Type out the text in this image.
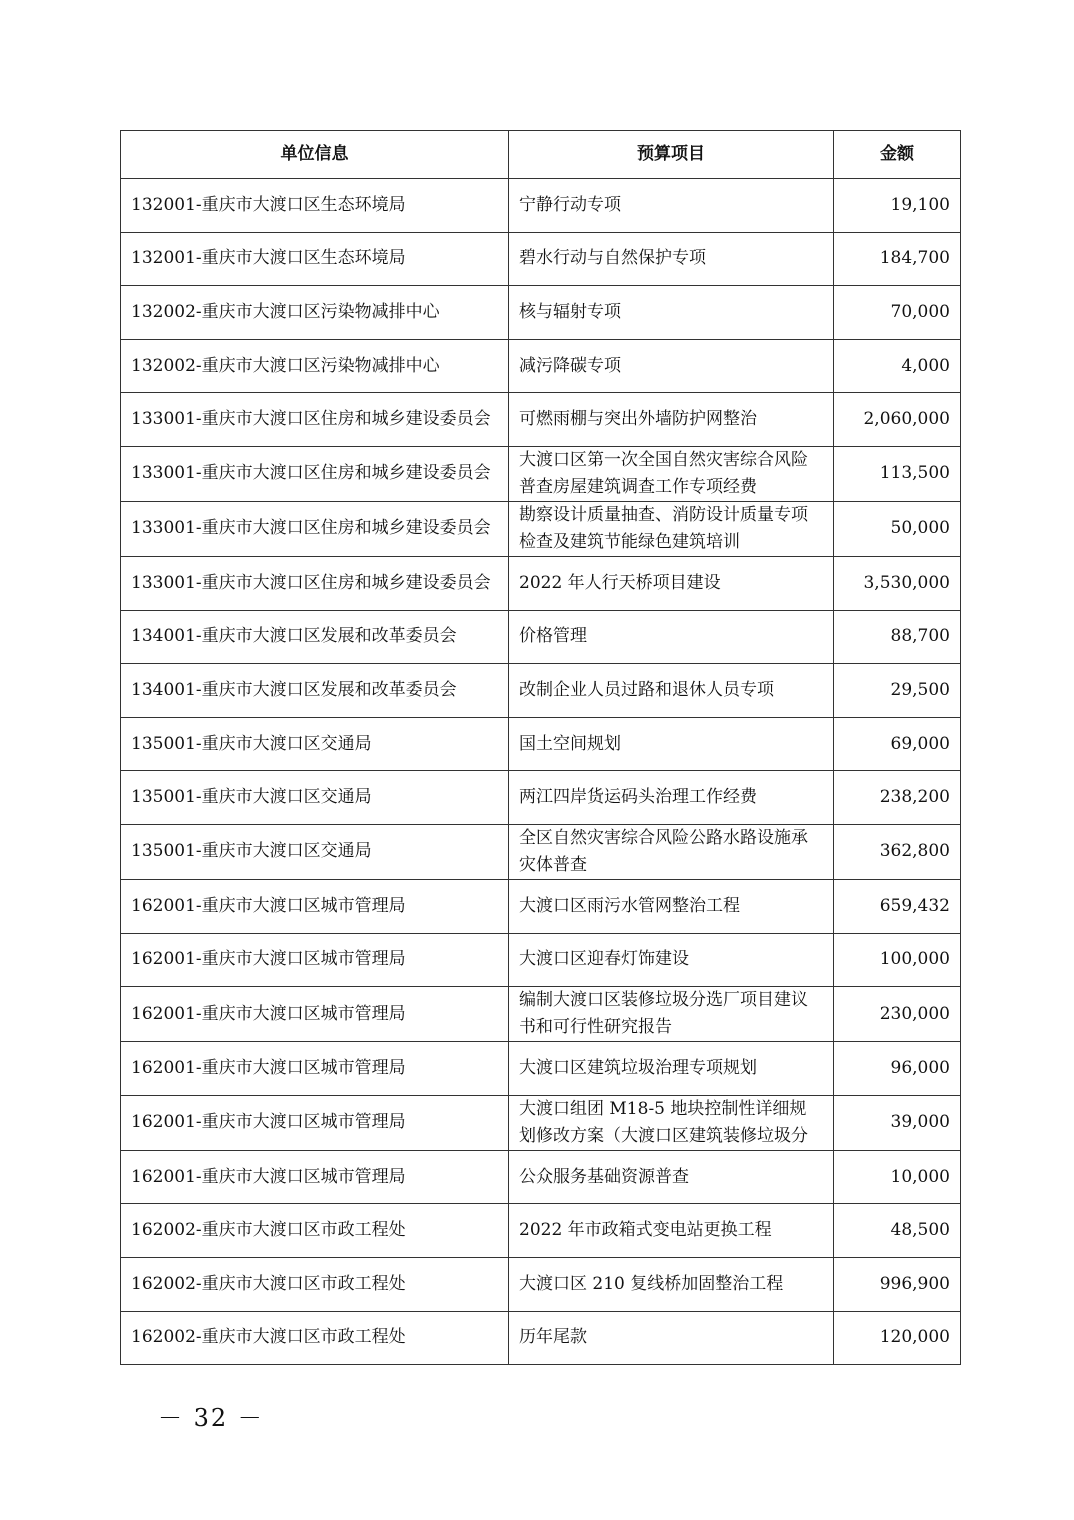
单位信息	预算项目	金额
132001-重庆市大渡口区生态环境局	宁静行动专项	19,100
132001-重庆市大渡口区生态环境局	碧水行动与自然保护专项	184,700
132002-重庆市大渡口区污染物减排中心	核与辐射专项	70,000
132002-重庆市大渡口区污染物减排中心	减污降碳专项	4,000
133001-重庆市大渡口区住房和城乡建设委员会	可燃雨棚与突出外墙防护网整治	2,060,000
133001-重庆市大渡口区住房和城乡建设委员会	大渡口区第一次全国自然灾害综合风险普查房屋建筑调查工作专项经费	113,500
133001-重庆市大渡口区住房和城乡建设委员会	勘察设计质量抽查、消防设计质量专项检查及建筑节能绿色建筑培训	50,000
133001-重庆市大渡口区住房和城乡建设委员会	2022 年人行天桥项目建设	3,530,000
134001-重庆市大渡口区发展和改革委员会	价格管理	88,700
134001-重庆市大渡口区发展和改革委员会	改制企业人员过路和退休人员专项	29,500
135001-重庆市大渡口区交通局	国土空间规划	69,000
135001-重庆市大渡口区交通局	两江四岸货运码头治理工作经费	238,200
135001-重庆市大渡口区交通局	全区自然灾害综合风险公路水路设施承灾体普查	362,800
162001-重庆市大渡口区城市管理局	大渡口区雨污水管网整治工程	659,432
162001-重庆市大渡口区城市管理局	大渡口区迎春灯饰建设	100,000
162001-重庆市大渡口区城市管理局	编制大渡口区装修垃圾分选厂项目建议书和可行性研究报告	230,000
162001-重庆市大渡口区城市管理局	大渡口区建筑垃圾治理专项规划	96,000
162001-重庆市大渡口区城市管理局	大渡口组团 M18-5 地块控制性详细规划修改方案（大渡口区建筑装修垃圾分	39,000
162001-重庆市大渡口区城市管理局	公众服务基础资源普查	10,000
162002-重庆市大渡口区市政工程处	2022 年市政箱式变电站更换工程	48,500
162002-重庆市大渡口区市政工程处	大渡口区 210 复线桥加固整治工程	996,900
162002-重庆市大渡口区市政工程处	历年尾款	120,000
－ 32 －
